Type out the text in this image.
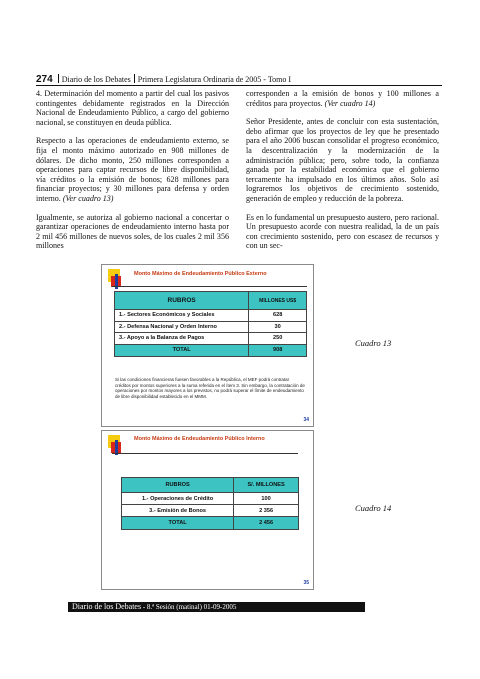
274 Diario de los Debates Primera Legislatura Ordinaria de 2005 - Tomo I

4. Determinación del momento a partir del cual los pasivos contingentes debidamente registrados en la Dirección Nacional de Endeudamiento Público, a cargo del gobierno nacional, se constituyen en deuda pública.

Respecto a las operaciones de endeudamiento externo, se fija el monto máximo autorizado en 908 millones de dólares. De dicho monto, 250 millones corresponden a operaciones para captar recursos de libre disponibilidad, vía créditos o la emisión de bonos; 628 millones para financiar proyectos; y 30 millones para defensa y orden interno. (Ver cuadro 13)

Igualmente, se autoriza al gobierno nacional a concertar o garantizar operaciones de endeudamiento interno hasta por 2 mil 456 millones de nuevos soles, de los cuales 2 mil 356 millones

corresponden a la emisión de bonos y 100 millones a créditos para proyectos. (Ver cuadro 14)

Señor Presidente, antes de concluir con esta sustentación, debo afirmar que los proyectos de ley que he presentado para el año 2006 buscan consolidar el progreso económico, la descentralización y la modernización de la administración pública; pero, sobre todo, la confianza ganada por la estabilidad económica que el gobierno tercamente ha impulsado en los últimos años. Solo así lograremos los objetivos de crecimiento sostenido, generación de empleo y reducción de la pobreza.

Es en lo fundamental un presupuesto austero, pero racional. Un presupuesto acorde con nuestra realidad, la de un país con crecimiento sostenido, pero con escasez de recursos y con un sec-

Monto Máximo de Endeudamiento Público Externo
RUBROS	MILLONES US$
1.- Sectores Económicos y Sociales	628
2.- Defensa Nacional y Orden Interno	30
3.- Apoyo a la Balanza de Pagos	250
TOTAL	908
Si las condiciones financieras fuesen favorables a la República, el MEF podrá contratar créditos por montos superiores a la suma referida en el ítem 3. Sin embargo, la contratación de operaciones por montos mayores a los previstos, no podrá superar el límite de endeudamiento de libre disponibilidad establecido en el MMM.
34
Cuadro 13
Monto Máximo de Endeudamiento Público Interno
RUBROS	S/. MILLONES
1.- Operaciones de Crédito	100
3.- Emisión de Bonos	2 356
TOTAL	2 456
35
Cuadro 14
Diario de los Debates - 8.ª Sesión (matinal) 01-09-2005
